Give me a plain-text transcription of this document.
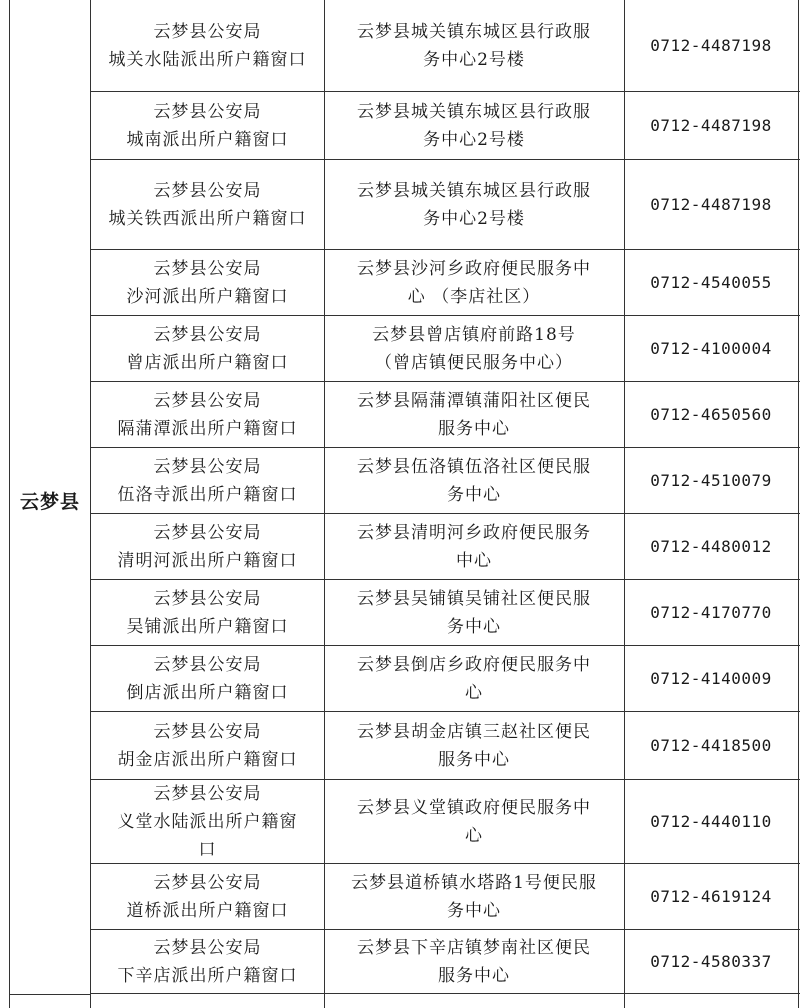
云梦县
云梦县公安局
城关水陆派出所户籍窗口
云梦县城关镇东城区县行政服
务中心2号楼
0712-4487198
云梦县公安局
城南派出所户籍窗口
云梦县城关镇东城区县行政服
务中心2号楼
0712-4487198
云梦县公安局
城关铁西派出所户籍窗口
云梦县城关镇东城区县行政服
务中心2号楼
0712-4487198
云梦县公安局
沙河派出所户籍窗口
云梦县沙河乡政府便民服务中
心 （李店社区）
0712-4540055
云梦县公安局
曾店派出所户籍窗口
云梦县曾店镇府前路18号
（曾店镇便民服务中心）
0712-4100004
云梦县公安局
隔蒲潭派出所户籍窗口
云梦县隔蒲潭镇蒲阳社区便民
服务中心
0712-4650560
云梦县公安局
伍洛寺派出所户籍窗口
云梦县伍洛镇伍洛社区便民服
务中心
0712-4510079
云梦县公安局
清明河派出所户籍窗口
云梦县清明河乡政府便民服务
中心
0712-4480012
云梦县公安局
吴铺派出所户籍窗口
云梦县吴铺镇吴铺社区便民服
务中心
0712-4170770
云梦县公安局
倒店派出所户籍窗口
云梦县倒店乡政府便民服务中
心
0712-4140009
云梦县公安局
胡金店派出所户籍窗口
云梦县胡金店镇三赵社区便民
服务中心
0712-4418500
云梦县公安局
义堂水陆派出所户籍窗
口
云梦县义堂镇政府便民服务中
心
0712-4440110
云梦县公安局
道桥派出所户籍窗口
云梦县道桥镇水塔路1号便民服
务中心
0712-4619124
云梦县公安局
下辛店派出所户籍窗口
云梦县下辛店镇梦南社区便民
服务中心
0712-4580337
